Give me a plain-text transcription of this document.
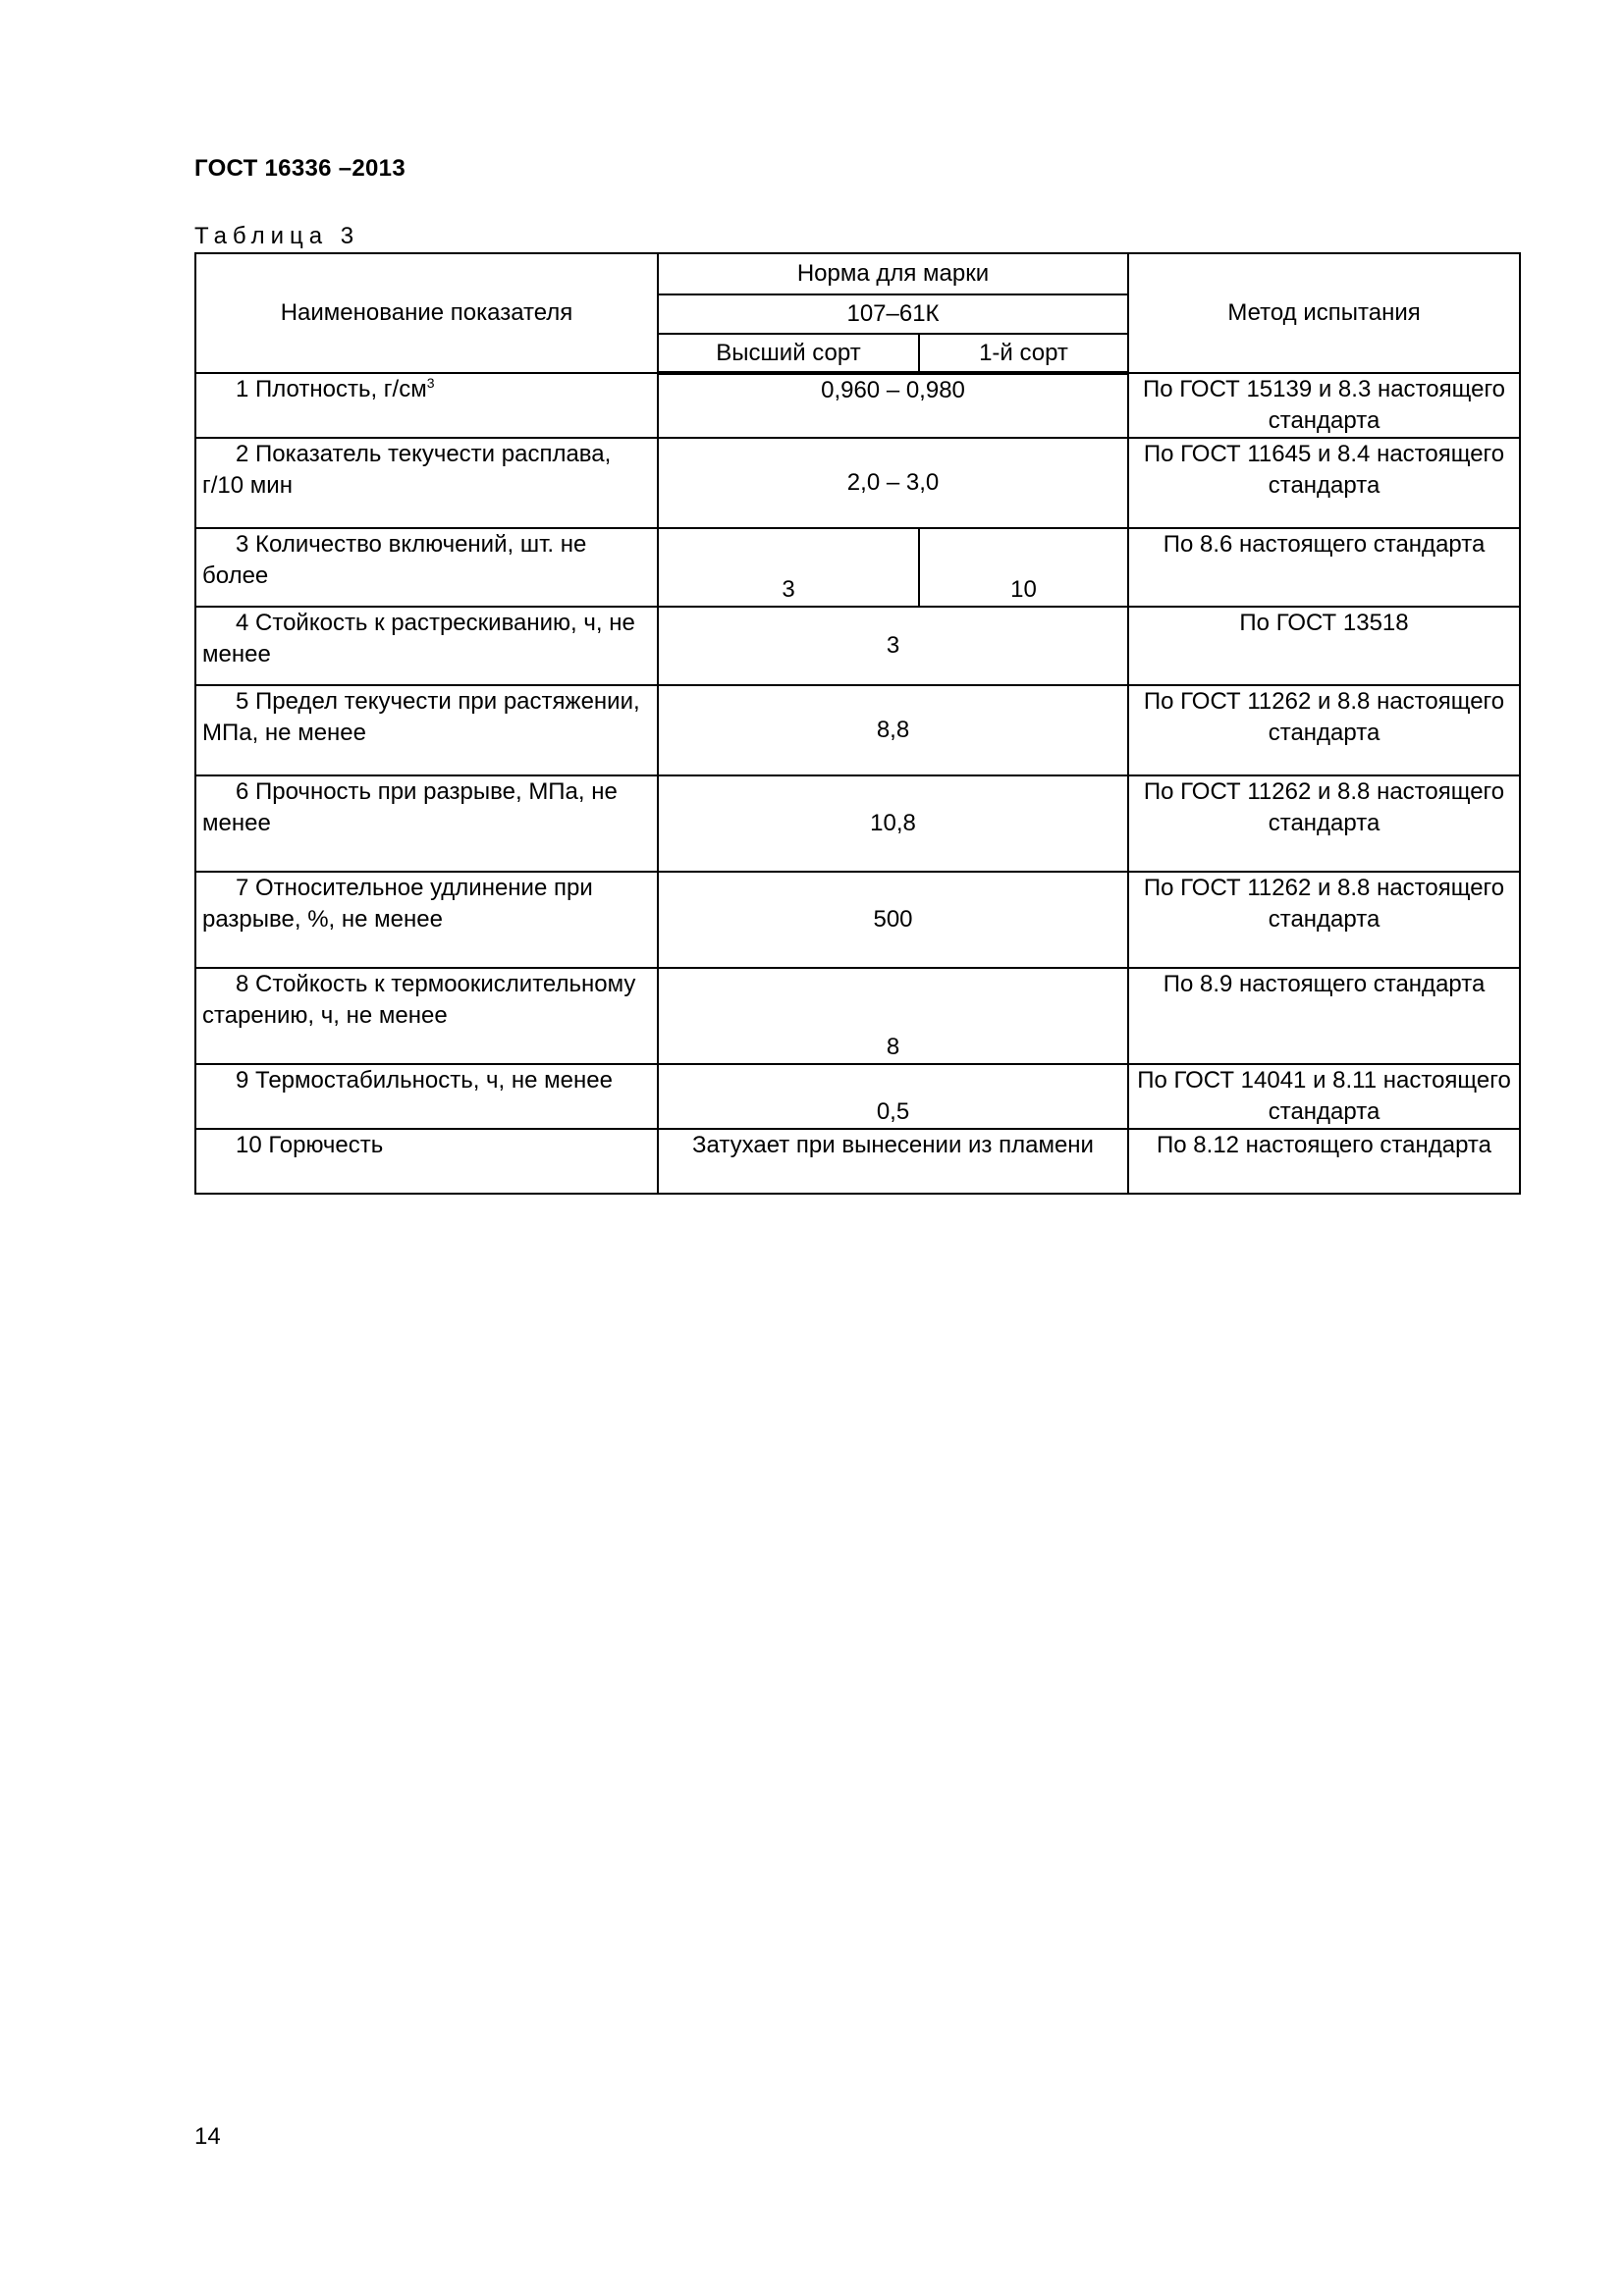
ГОСТ 16336 –2013
Таблица 3
Наименование показателя	Норма для марки		Метод испытания
	107–61К		
	Высший сорт	1-й сорт	
1 Плотность, $г/см^3$	0,960 – 0,980		По ГОСТ 15139 и 8.3 настоящего стандарта
2 Показатель текучести расплава, г/10 мин	2,0 – 3,0		По ГОСТ 11645 и 8.4 настоящего стандарта
3 Количество включений, шт. не более	3	10	По 8.6 настоящего стандарта
4 Стойкость к растрескиванию, ч, не менее	3		По ГОСТ 13518
5 Предел текучести при растяжении, МПа, не менее	8,8		По ГОСТ 11262 и 8.8 настоящего стандарта
6 Прочность при разрыве, МПа, не менее	10,8		По ГОСТ 11262 и 8.8 настоящего стандарта
7 Относительное удлинение при разрыве, %, не менее	500		По ГОСТ 11262 и 8.8 настоящего стандарта
8 Стойкость к термоокислительному старению, ч, не менее	8		По 8.9 настоящего стандарта
9 Термостабильность, ч, не менее	0,5		По ГОСТ 14041 и 8.11 настоящего стандарта
10 Горючесть	Затухает при вынесении из пламени		По 8.12 настоящего стандарта
14
